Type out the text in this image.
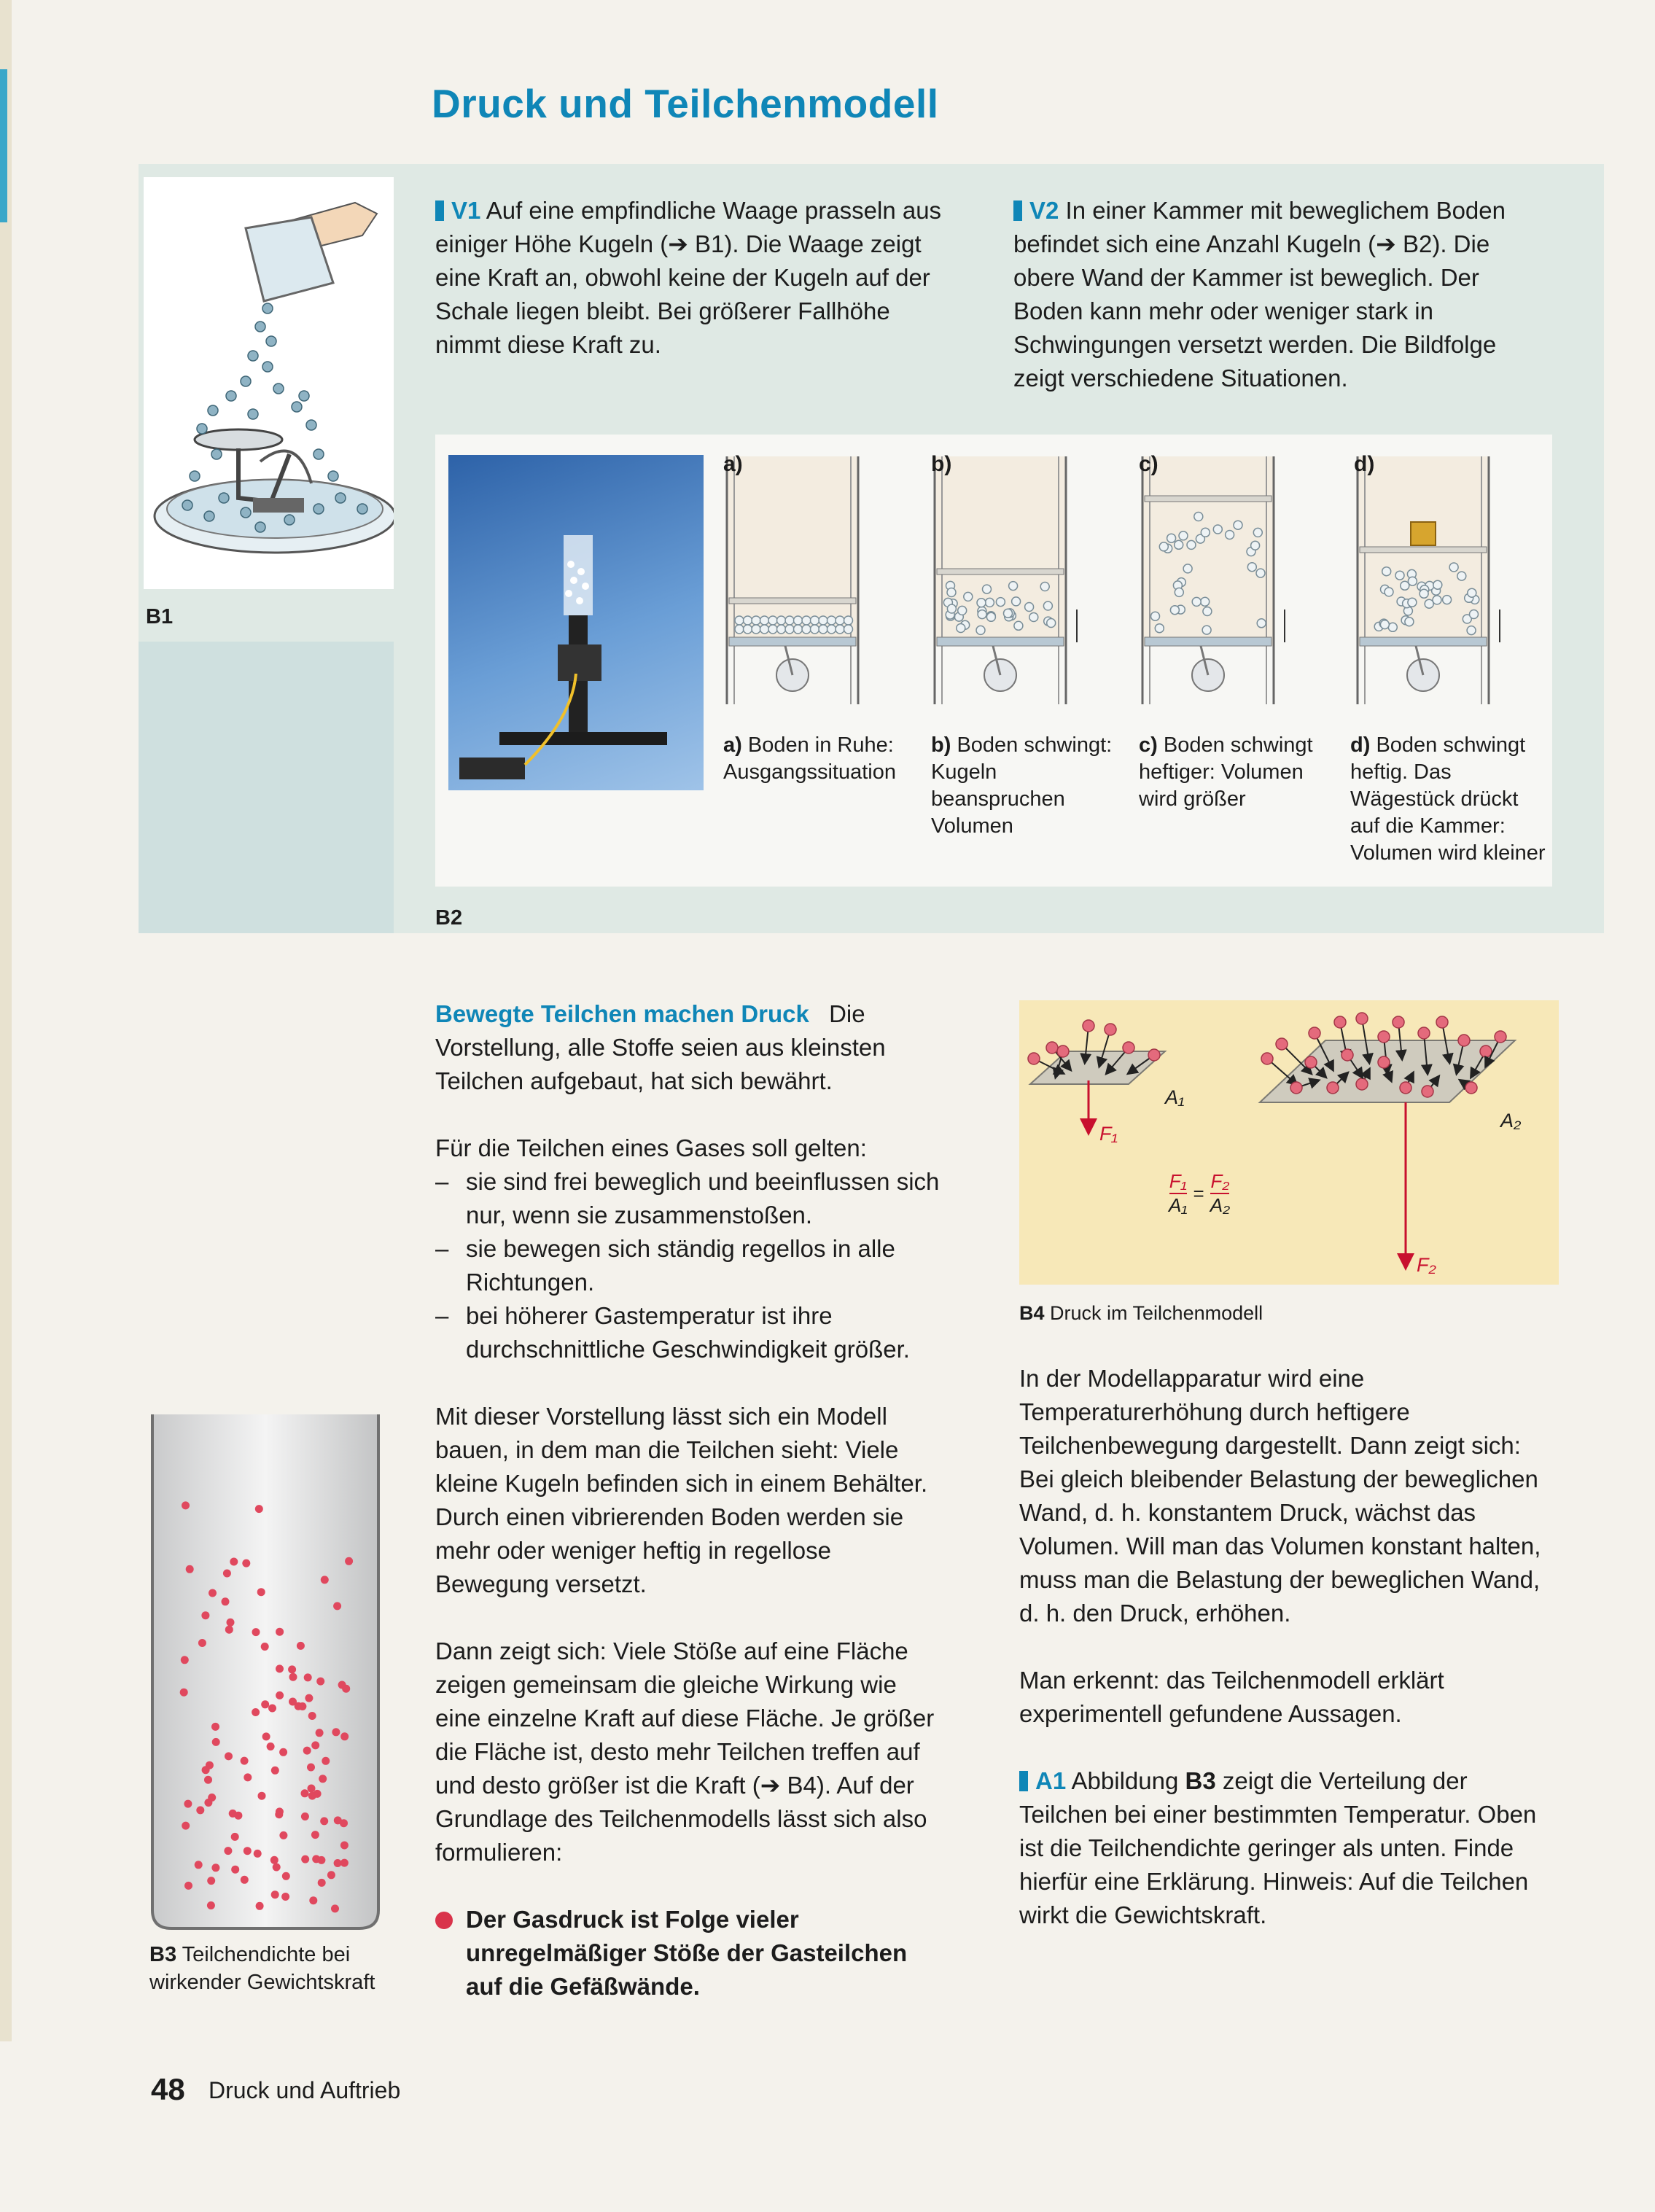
Druck und Teilchenmodell
B1
V1 Auf eine empfindliche Waage prasseln aus einiger Höhe Kugeln (➔ B1). Die Waage zeigt eine Kraft an, obwohl keine der Kugeln auf der Schale liegen bleibt. Bei größerer Fallhöhe nimmt diese Kraft zu.
V2 In einer Kammer mit beweglichem Boden befindet sich eine Anzahl Kugeln (➔ B2). Die obere Wand der Kammer ist beweglich. Der Boden kann mehr oder weniger stark in Schwingungen versetzt werden. Die Bildfolge zeigt verschiedene Situationen.
a)	b)	c)	d)
a) Boden in Ruhe: Ausgangssituation
b) Boden schwingt: Kugeln beanspruchen Volumen
c) Boden schwingt heftiger: Volumen wird größer
d) Boden schwingt heftig. Das Wägestück drückt auf die Kammer: Volumen wird kleiner
B2
Bewegte Teilchen machen Druck Die Vorstellung, alle Stoffe seien aus kleinsten Teilchen aufgebaut, hat sich bewährt.
Für die Teilchen eines Gases soll gelten:
– sie sind frei beweglich und beeinflussen sich nur, wenn sie zusammenstoßen.
– sie bewegen sich ständig regellos in alle Richtungen.
– bei höherer Gastemperatur ist ihre durchschnittliche Geschwindigkeit größer.
Mit dieser Vorstellung lässt sich ein Modell bauen, in dem man die Teilchen sieht: Viele kleine Kugeln befinden sich in einem Behälter. Durch einen vibrierenden Boden werden sie mehr oder weniger heftig in regellose Bewegung versetzt.
Dann zeigt sich: Viele Stöße auf eine Fläche zeigen gemeinsam die gleiche Wirkung wie eine einzelne Kraft auf diese Fläche. Je größer die Fläche ist, desto mehr Teilchen treffen auf und desto größer ist die Kraft (➔ B4). Auf der Grundlage des Teilchenmodells lässt sich also formulieren:
Der Gasdruck ist Folge vieler unregelmäßiger Stöße der Gasteilchen auf die Gefäßwände.
B3 Teilchendichte bei wirkender Gewichtskraft
A₁
A₂
F₁
F₂
$\frac{\text{F₁}}{\text{A₁}} = \frac{\text{F₂}}{\text{A₂}}$
B4 Druck im Teilchenmodell
In der Modellapparatur wird eine Temperaturerhöhung durch heftigere Teilchenbewegung dargestellt. Dann zeigt sich: Bei gleich bleibender Belastung der beweglichen Wand, d. h. konstantem Druck, wächst das Volumen. Will man das Volumen konstant halten, muss man die Belastung der beweglichen Wand, d. h. den Druck, erhöhen.
Man erkennt: das Teilchenmodell erklärt experimentell gefundene Aussagen.
A1 Abbildung B3 zeigt die Verteilung der Teilchen bei einer bestimmten Temperatur. Oben ist die Teilchendichte geringer als unten. Finde hierfür eine Erklärung. Hinweis: Auf die Teilchen wirkt die Gewichtskraft.
48 Druck und Auftrieb
